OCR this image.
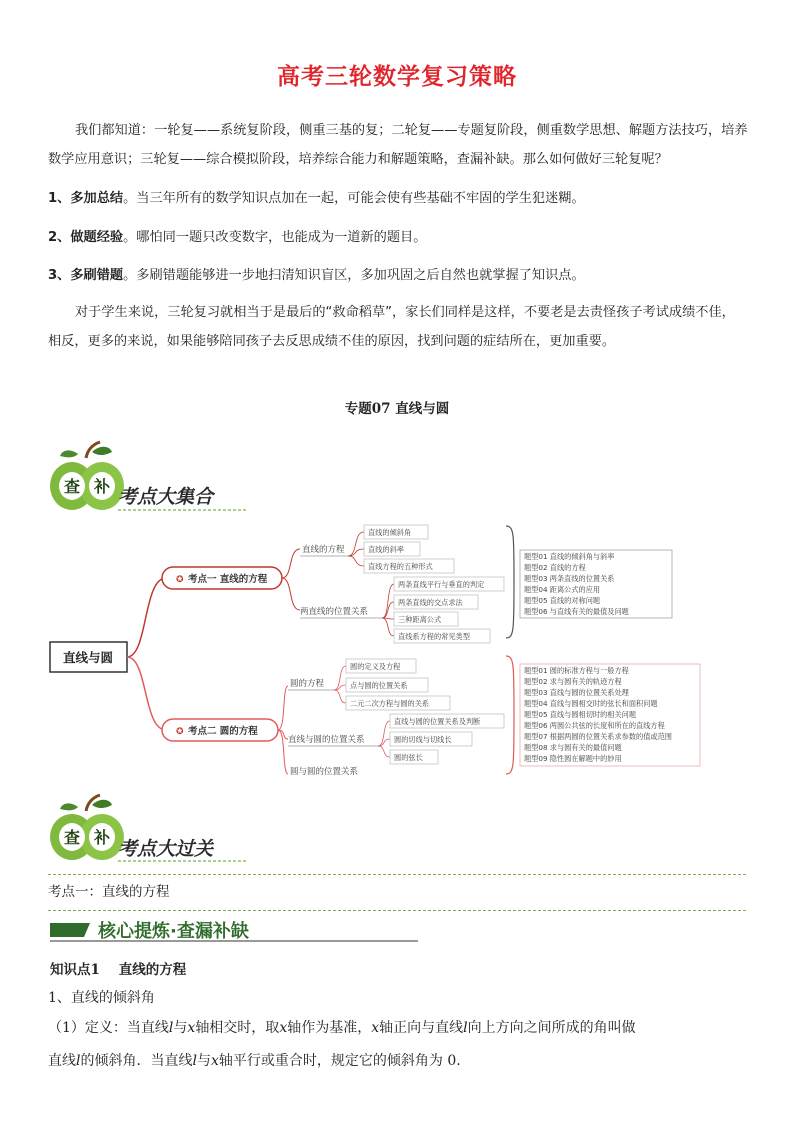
高考三轮数学复习策略
我们都知道：一轮复——系统复阶段，侧重三基的复；二轮复——专题复阶段，侧重数学思想、解题方法技巧，培养数学应用意识；三轮复——综合模拟阶段，培养综合能力和解题策略，查漏补缺。那么如何做好三轮复呢？
1、多加总结。当三年所有的数学知识点加在一起，可能会使有些基础不牢固的学生犯迷糊。
2、做题经验。哪怕同一题只改变数字，也能成为一道新的题目。
3、多刷错题。多刷错题能够进一步地扫清知识盲区，多加巩固之后自然也就掌握了知识点。
对于学生来说，三轮复习就相当于是最后的“救命稻草”，家长们同样是这样，不要老是去责怪孩子考试成绩不佳，相反，更多的来说，如果能够陪同孩子去反思成绩不佳的原因，找到问题的症结所在，更加重要。
专题07 直线与圆
查 补 考点大集合
直线与圆
✪ 考点一 直线的方程
直线的方程
直线的倾斜角
直线的斜率
直线方程的五种形式
两直线的位置关系
两条直线平行与垂直的判定
两条直线的交点求法
三种距离公式
直线系方程的常见类型
题型01 直线的倾斜角与斜率
题型02 直线的方程
题型03 两条直线的位置关系
题型04 距离公式的应用
题型05 直线的对称问题
题型06 与直线有关的最值及问题
✪ 考点二 圆的方程
圆的方程
圆的定义及方程
点与圆的位置关系
二元二次方程与圆的关系
直线与圆的位置关系
直线与圆的位置关系及判断
圆的切线与切线长
圆的弦长
圆与圆的位置关系
题型01 圆的标准方程与一般方程
题型02 求与圆有关的轨迹方程
题型03 直线与圆的位置关系处理
题型04 直线与圆相交时的弦长和面积问题
题型05 直线与圆相切时的相关问题
题型06 两圆公共弦的长度和所在的直线方程
题型07 根据两圆的位置关系求参数的值或范围
题型08 求与圆有关的最值问题
题型09 隐性圆在解题中的妙用
查 补
考点大过关
考点一：直线的方程
核心提炼·查漏补缺
知识点1    直线的方程
1、直线的倾斜角
（1）定义：当直线l与x轴相交时，取x轴作为基准，x轴正向与直线l向上方向之间所成的角叫做
直线l的倾斜角．当直线l与x轴平行或重合时，规定它的倾斜角为 0.
